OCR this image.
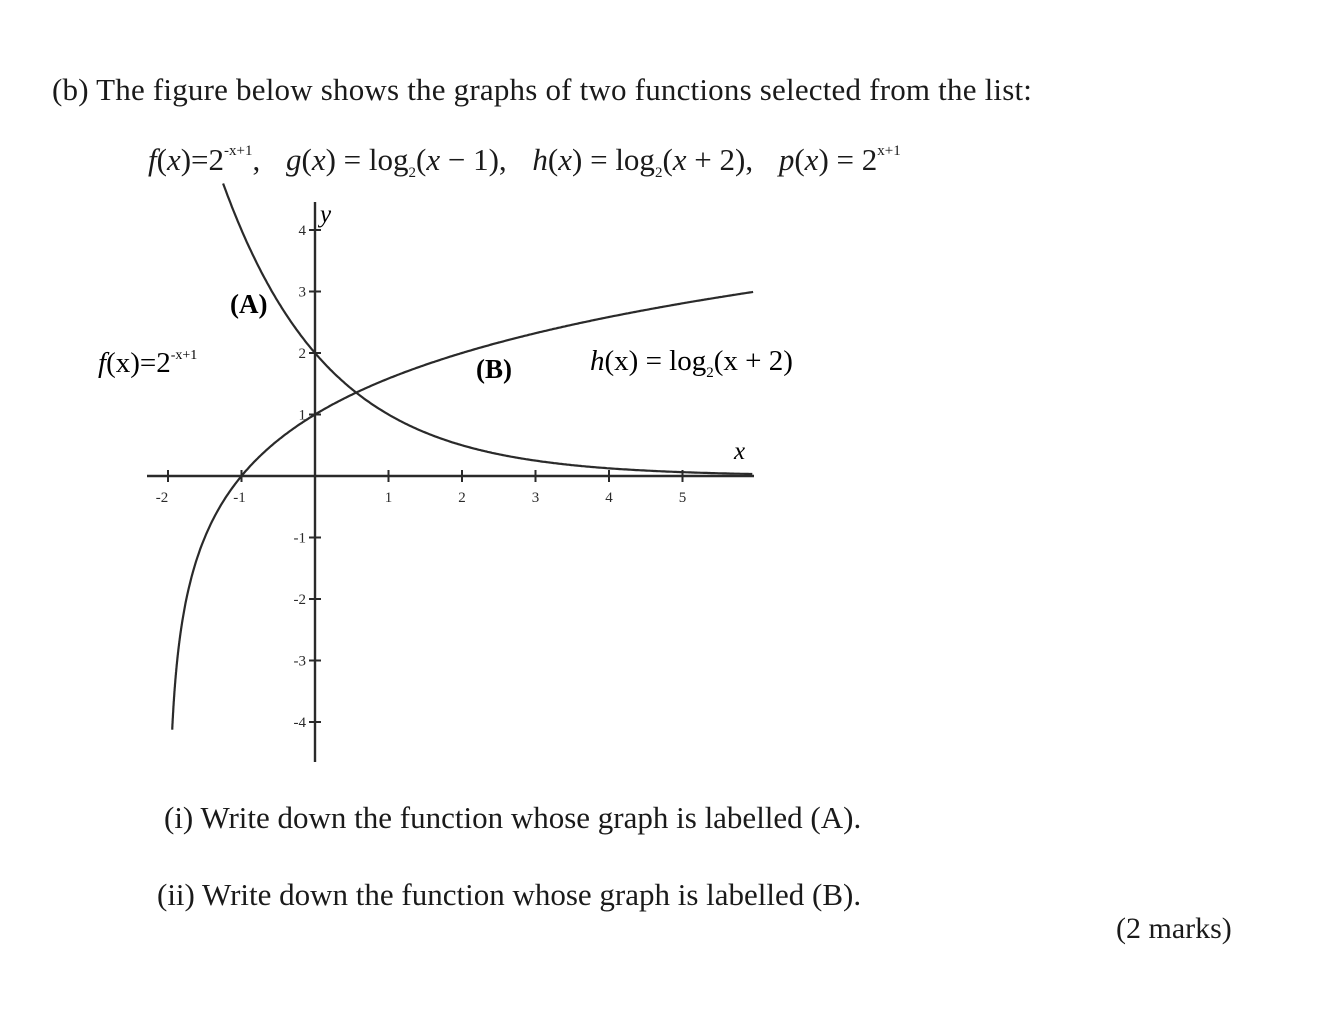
(b) The figure below shows the graphs of two functions selected from the list:
$f(x)=2^{-x+1}$, $g(x) = \log_2(x - 1)$, $h(x) = \log_2(x + 2)$, $p(x) = 2^{x+1}$
-2	-1	1	2	3	4	5
4
3
2
1
-1
-2
-3
-4
(A)
(B)
$f(x)=2^{-x+1}$	$h(x) = \log_2(x + 2)$
x
y
(i) Write down the function whose graph is labelled (A).
(ii) Write down the function whose graph is labelled (B).
(2 marks)
